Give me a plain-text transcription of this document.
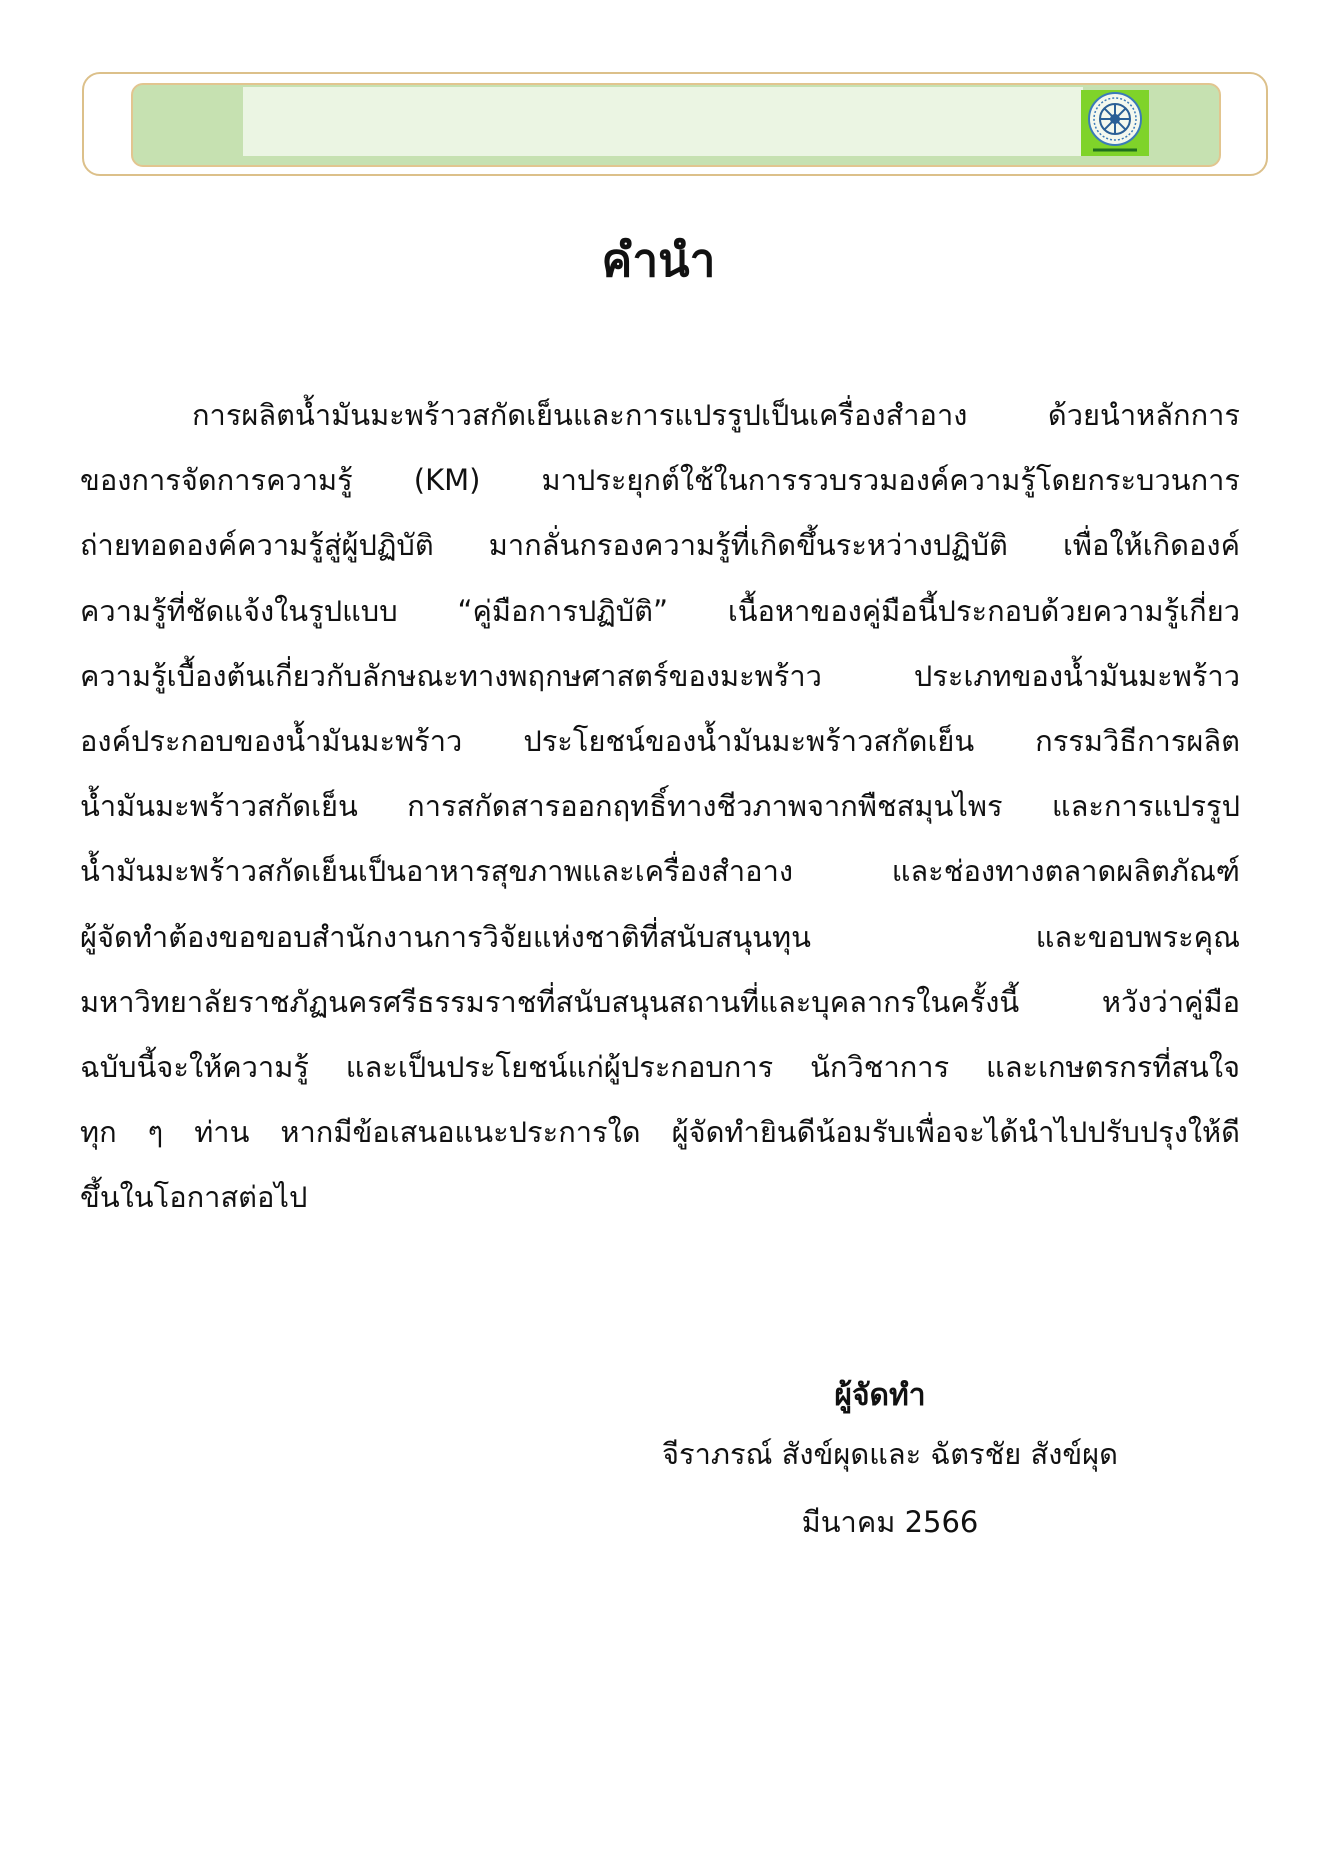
คำนำ
การผลิตน้ำมันมะพร้าวสกัดเย็นและการแปรรูปเป็นเครื่องสำอาง ด้วยนำหลักการ
ของการจัดการความรู้ (KM) มาประยุกต์ใช้ในการรวบรวมองค์ความรู้โดยกระบวนการ
ถ่ายทอดองค์ความรู้สู่ผู้ปฏิบัติ มากลั่นกรองความรู้ที่เกิดขึ้นระหว่างปฏิบัติ เพื่อให้เกิดองค์
ความรู้ที่ชัดแจ้งในรูปแบบ “คู่มือการปฏิบัติ” เนื้อหาของคู่มือนี้ประกอบด้วยความรู้เกี่ยว
ความรู้เบื้องต้นเกี่ยวกับลักษณะทางพฤกษศาสตร์ของมะพร้าว ประเภทของน้ำมันมะพร้าว
องค์ประกอบของน้ำมันมะพร้าว ประโยชน์ของน้ำมันมะพร้าวสกัดเย็น กรรมวิธีการผลิต
น้ำมันมะพร้าวสกัดเย็น การสกัดสารออกฤทธิ์ทางชีวภาพจากพืชสมุนไพร และการแปรรูป
น้ำมันมะพร้าวสกัดเย็นเป็นอาหารสุขภาพและเครื่องสำอาง และช่องทางตลาดผลิตภัณฑ์
ผู้จัดทำต้องขอขอบสำนักงานการวิจัยแห่งชาติที่สนับสนุนทุน และขอบพระคุณ
มหาวิทยาลัยราชภัฏนครศรีธรรมราชที่สนับสนุนสถานที่และบุคลากรในครั้งนี้ หวังว่าคู่มือ
ฉบับนี้จะให้ความรู้ และเป็นประโยชน์แก่ผู้ประกอบการ นักวิชาการ และเกษตรกรที่สนใจ
ทุก ๆ ท่าน หากมีข้อเสนอแนะประการใด ผู้จัดทำยินดีน้อมรับเพื่อจะได้นำไปปรับปรุงให้ดี
ขึ้นในโอกาสต่อไป
ผู้จัดทำ
จีราภรณ์ สังข์ผุดและ ฉัตรชัย สังข์ผุด
มีนาคม 2566
